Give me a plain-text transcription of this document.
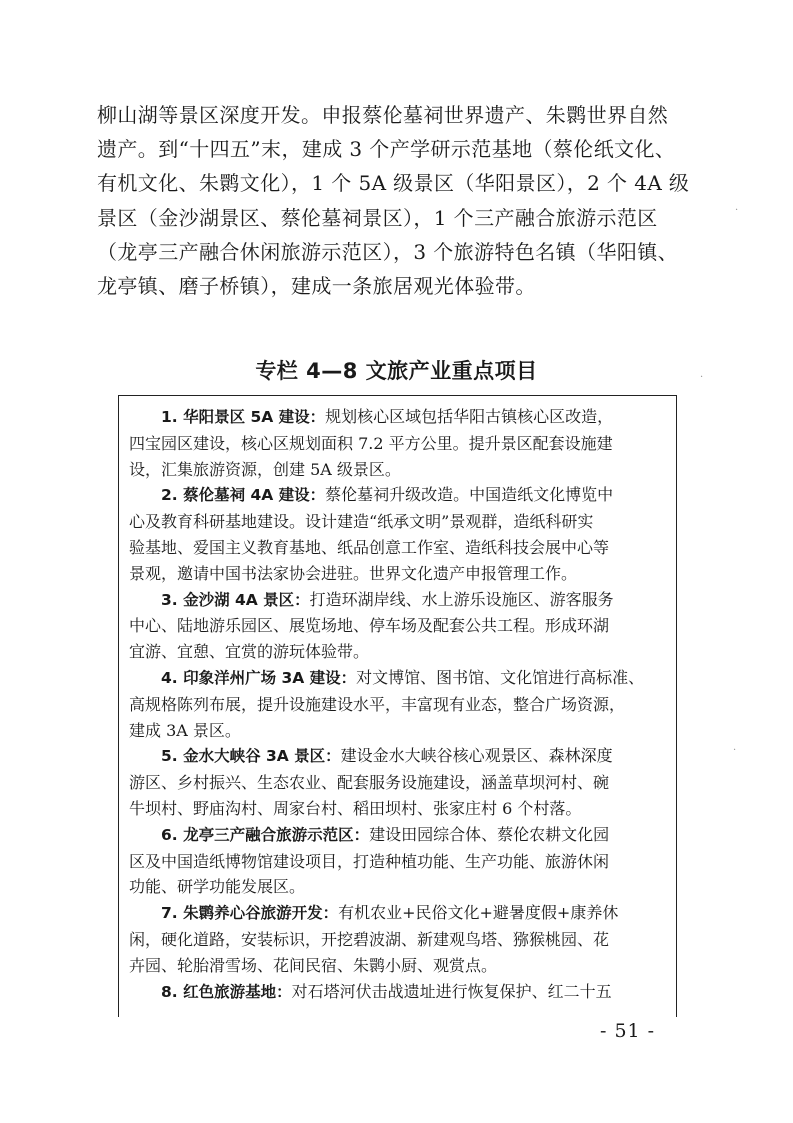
柳山湖等景区深度开发。申报蔡伦墓祠世界遗产、朱鹮世界自然
遗产。到“十四五”末，建成 3 个产学研示范基地（蔡伦纸文化、
有机文化、朱鹮文化），1 个 5A 级景区（华阳景区），2 个 4A 级
景区（金沙湖景区、蔡伦墓祠景区），1 个三产融合旅游示范区
（龙亭三产融合休闲旅游示范区），3 个旅游特色名镇（华阳镇、
龙亭镇、磨子桥镇），建成一条旅居观光体验带。

专栏 4—8 文旅产业重点项目

　　1. 华阳景区 5A 建设：规划核心区域包括华阳古镇核心区改造，
四宝园区建设，核心区规划面积 7.2 平方公里。提升景区配套设施建
设，汇集旅游资源，创建 5A 级景区。

　　2. 蔡伦墓祠 4A 建设：蔡伦墓祠升级改造。中国造纸文化博览中
心及教育科研基地建设。设计建造“纸承文明”景观群，造纸科研实
验基地、爱国主义教育基地、纸品创意工作室、造纸科技会展中心等
景观，邀请中国书法家协会进驻。世界文化遗产申报管理工作。

　　3. 金沙湖 4A 景区：打造环湖岸线、水上游乐设施区、游客服务
中心、陆地游乐园区、展览场地、停车场及配套公共工程。形成环湖
宜游、宜憩、宜赏的游玩体验带。

　　4. 印象洋州广场 3A 建设：对文博馆、图书馆、文化馆进行高标准、
高规格陈列布展，提升设施建设水平，丰富现有业态，整合广场资源，
建成 3A 景区。

　　5. 金水大峡谷 3A 景区：建设金水大峡谷核心观景区、森林深度
游区、乡村振兴、生态农业、配套服务设施建设，涵盖草坝河村、碗
牛坝村、野庙沟村、周家台村、稻田坝村、张家庄村 6 个村落。

　　6. 龙亭三产融合旅游示范区：建设田园综合体、蔡伦农耕文化园
区及中国造纸博物馆建设项目，打造种植功能、生产功能、旅游休闲
功能、研学功能发展区。

　　7. 朱鹮养心谷旅游开发：有机农业+民俗文化+避暑度假+康养休
闲，硬化道路，安装标识，开挖碧波湖、新建观鸟塔、猕猴桃园、花
卉园、轮胎滑雪场、花间民宿、朱鹮小厨、观赏点。

　　8. 红色旅游基地：对石塔河伏击战遗址进行恢复保护、红二十五

- 51 -
·
·
·
